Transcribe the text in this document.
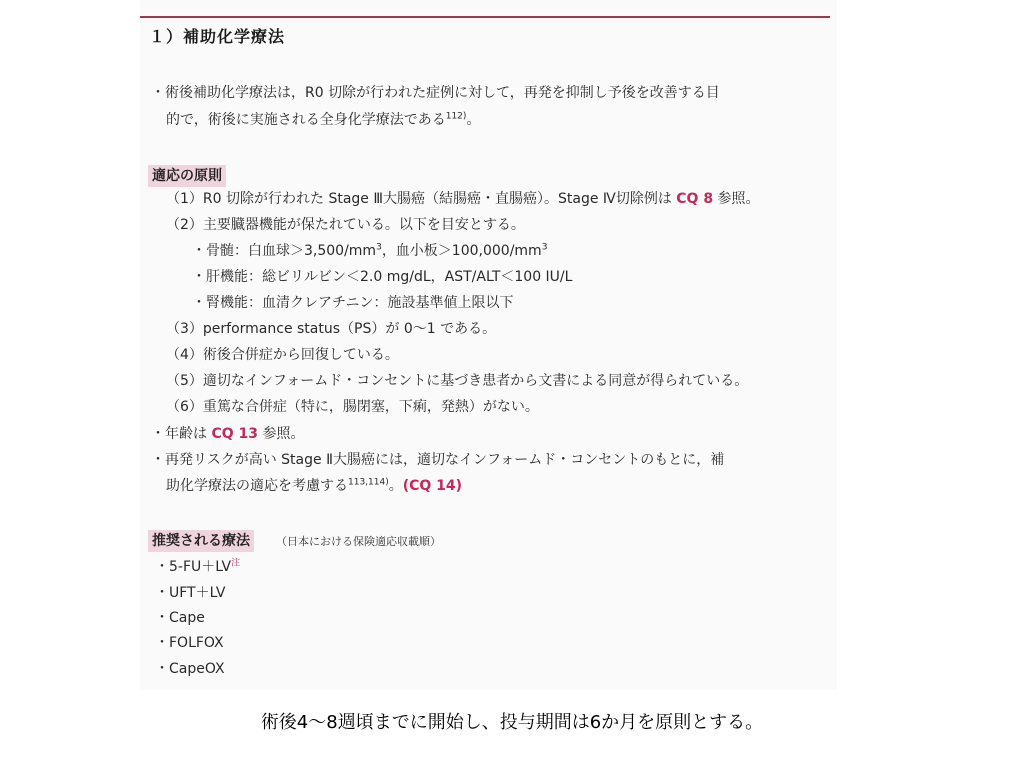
１）補助化学療法
・術後補助化学療法は，R0 切除が行われた症例に対して，再発を抑制し予後を改善する目
的で，術後に実施される全身化学療法である$^{112)}$。
適応の原則
（1）R0 切除が行われた Stage Ⅲ大腸癌（結腸癌・直腸癌）。Stage Ⅳ切除例は CQ 8 参照。
（2）主要臓器機能が保たれている。以下を目安とする。
・骨髄：白血球$>3,500/mm^3$，血小板$>100,000/mm^3$
・肝機能：総ビリルビン＜2.0 mg/dL，AST/ALT＜100 IU/L
・腎機能：血清クレアチニン：施設基準値上限以下
（3）performance status（PS）が 0～1 である。
（4）術後合併症から回復している。
（5）適切なインフォームド・コンセントに基づき患者から文書による同意が得られている。
（6）重篤な合併症（特に，腸閉塞，下痢，発熱）がない。
・年齢は CQ 13 参照。
・再発リスクが高い Stage Ⅱ大腸癌には，適切なインフォームド・コンセントのもとに，補
助化学療法の適応を考慮する$^{113,114)}$。(CQ 14)
推奨される療法	（日本における保険適応収載順）
・$5-FU+LV^注$
・UFT＋LV
・Cape
・FOLFOX
・CapeOX
術後4～8週頃までに開始し、投与期間は6か月を原則とする。
